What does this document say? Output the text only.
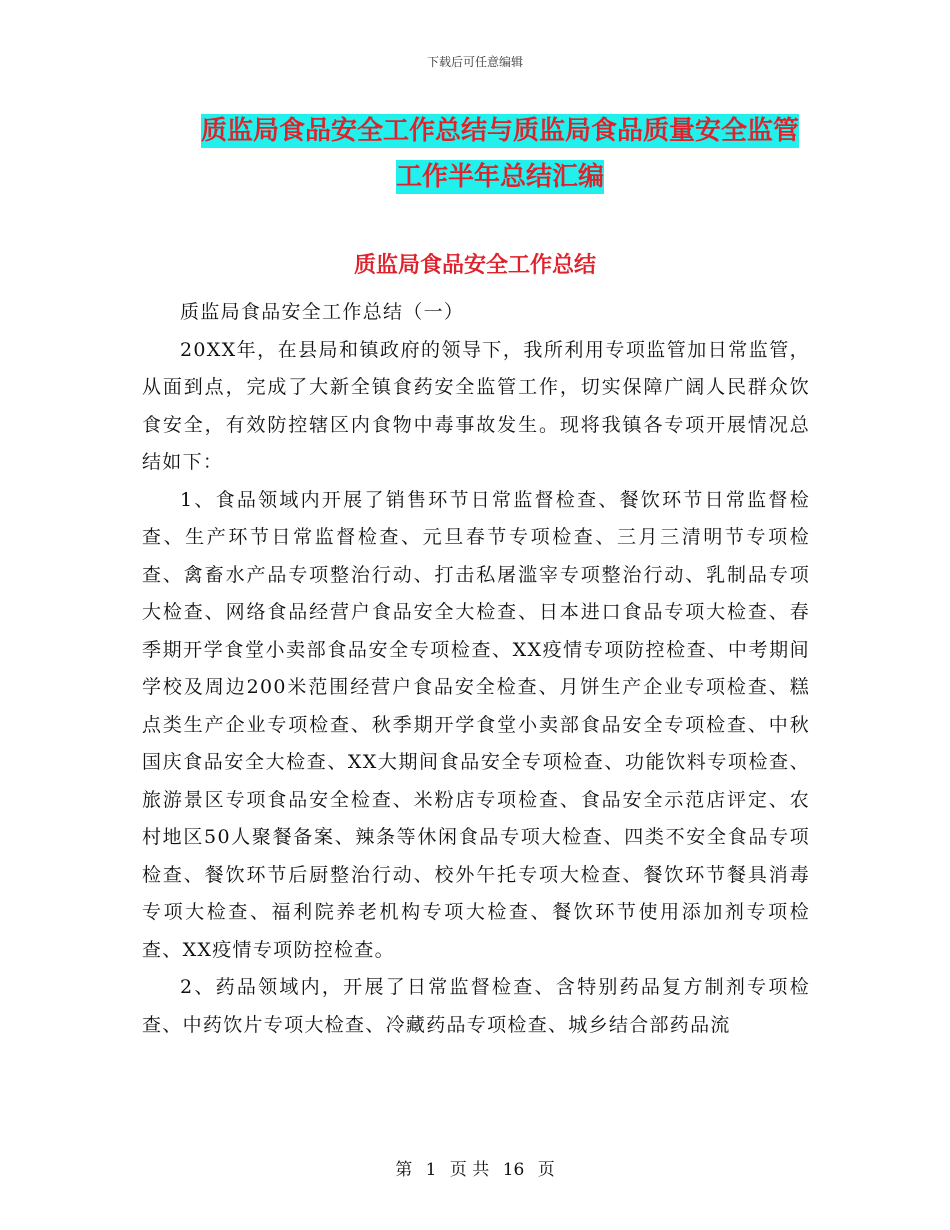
下载后可任意编辑
质监局食品安全工作总结与质监局食品质量安全监管
工作半年总结汇编
质监局食品安全工作总结

质监局食品安全工作总结（一）

20XX年，在县局和镇政府的领导下，我所利用专项监管加日常监管，从面到点，完成了大新全镇食药安全监管工作，切实保障广阔人民群众饮食安全，有效防控辖区内食物中毒事故发生。现将我镇各专项开展情况总结如下：

1、食品领域内开展了销售环节日常监督检查、餐饮环节日常监督检查、生产环节日常监督检查、元旦春节专项检查、三月三清明节专项检查、禽畜水产品专项整治行动、打击私屠滥宰专项整治行动、乳制品专项大检查、网络食品经营户食品安全大检查、日本进口食品专项大检查、春季期开学食堂小卖部食品安全专项检查、XX疫情专项防控检查、中考期间学校及周边200米范围经营户食品安全检查、月饼生产企业专项检查、糕点类生产企业专项检查、秋季期开学食堂小卖部食品安全专项检查、中秋国庆食品安全大检查、XX大期间食品安全专项检查、功能饮料专项检查、旅游景区专项食品安全检查、米粉店专项检查、食品安全示范店评定、农村地区50人聚餐备案、辣条等休闲食品专项大检查、四类不安全食品专项检查、餐饮环节后厨整治行动、校外午托专项大检查、餐饮环节餐具消毒专项大检查、福利院养老机构专项大检查、餐饮环节使用添加剂专项检查、XX疫情专项防控检查。

2、药品领域内，开展了日常监督检查、含特别药品复方制剂专项检查、中药饮片专项大检查、冷藏药品专项检查、城乡结合部药品流

第 1 页 共 16 页
